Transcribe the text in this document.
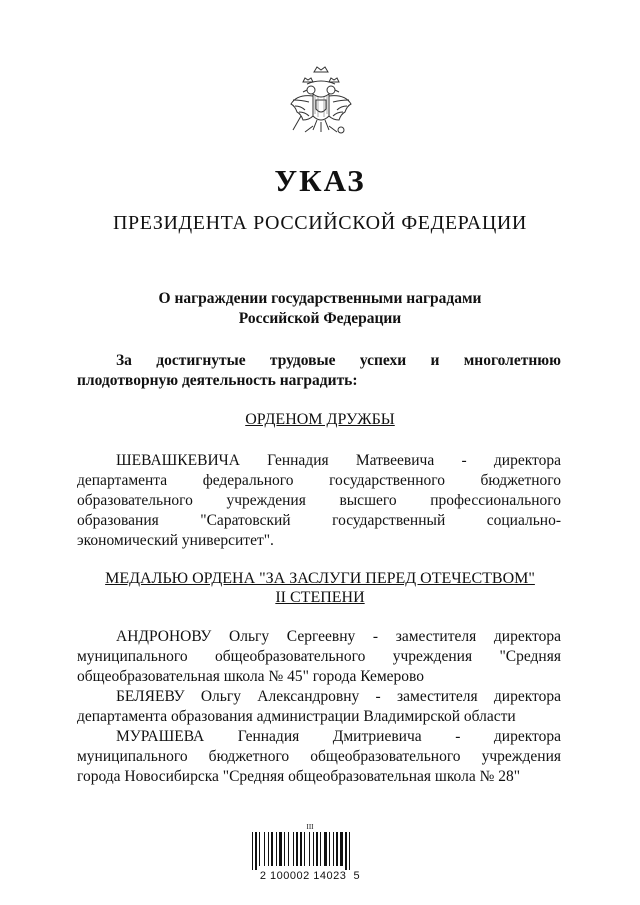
УКАЗ
ПРЕЗИДЕНТА РОССИЙСКОЙ ФЕДЕРАЦИИ
О награждении государственными наградами
Российской Федерации
За достигнутые трудовые успехи и многолетнюю
плодотворную деятельность наградить:
ОРДЕНОМ ДРУЖБЫ
ШЕВАШКЕВИЧА Геннадия Матвеевича - директора
департамента федерального государственного бюджетного
образовательного учреждения высшего профессионального
образования "Саратовский государственный социально-
экономический университет".
МЕДАЛЬЮ ОРДЕНА "ЗА ЗАСЛУГИ ПЕРЕД ОТЕЧЕСТВОМ"
II СТЕПЕНИ
АНДРОНОВУ Ольгу Сергеевну - заместителя директора
муниципального общеобразовательного учреждения "Средняя
общеобразовательная школа № 45" города Кемерово
БЕЛЯЕВУ Ольгу Александровну - заместителя директора
департамента образования администрации Владимирской области
МУРАШЕВА Геннадия Дмитриевича - директора
муниципального бюджетного общеобразовательного учреждения
города Новосибирска "Средняя общеобразовательная школа № 28"
ІІІ
2 100002 14023  5
